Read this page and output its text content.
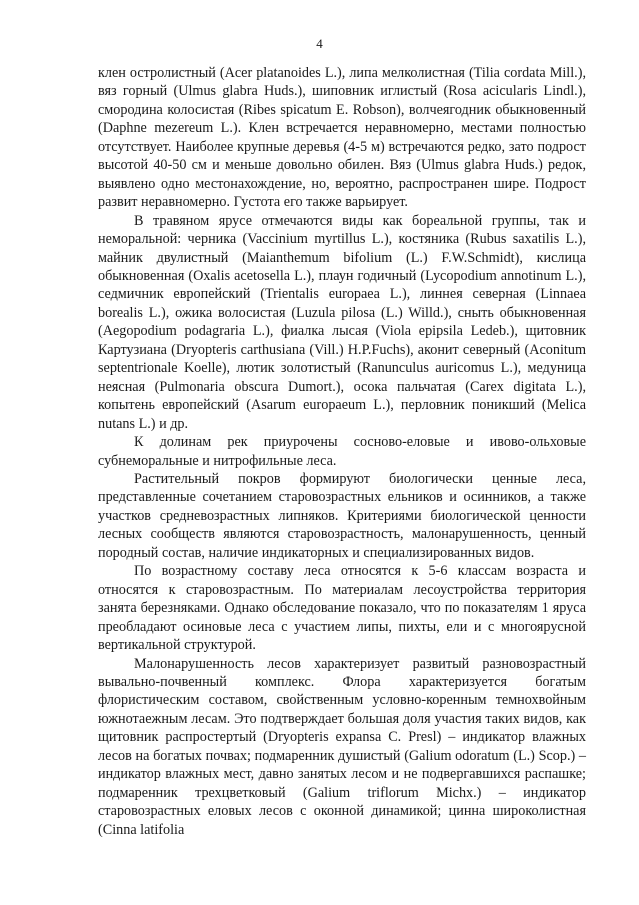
4

клен остролистный (Acer platanoides L.), липа мелколистная (Tilia cordata Mill.), вяз горный (Ulmus glabra Huds.), шиповник иглистый (Rosa acicularis Lindl.), смородина колосистая (Ribes spicatum E. Robson), волчеягодник обыкновенный (Daphne mezereum L.). Клен встречается неравномерно, местами полностью отсутствует. Наиболее крупные деревья (4-5 м) встречаются редко, зато подрост высотой 40-50 см и меньше довольно обилен. Вяз (Ulmus glabra Huds.) редок, выявлено одно местонахождение, но, вероятно, распространен шире. Подрост развит неравномерно. Густота его также варьирует.

В травяном ярусе отмечаются виды как бореальной группы, так и неморальной: черника (Vaccinium myrtillus L.), костяника (Rubus saxatilis L.), майник двулистный (Maianthemum bifolium (L.) F.W.Schmidt), кислица обыкновенная (Oxalis acetosella L.), плаун годичный (Lycopodium annotinum L.), седмичник европейский (Trientalis europaea L.), линнея северная (Linnaea borealis L.), ожика волосистая (Luzula pilosa (L.) Willd.), сныть обыкновенная (Aegopodium podagraria L.), фиалка лысая (Viola epipsila Ledeb.), щитовник Картузиана (Dryopteris carthusiana (Vill.) H.P.Fuchs), аконит северный (Aconitum septentrionale Koelle), лютик золотистый (Ranunculus auricomus L.), медуница неясная (Pulmonaria obscura Dumort.), осока пальчатая (Carex digitata L.), копытень европейский (Asarum europaeum L.), перловник поникший (Melica nutans L.) и др.

К долинам рек приурочены сосново-еловые и ивово-ольховые субнеморальные и нитрофильные леса.

Растительный покров формируют биологически ценные леса, представленные сочетанием старовозрастных ельников и осинников, а также участков средневозрастных липняков. Критериями биологической ценности лесных сообществ являются старовозрастность, малонарушенность, ценный породный состав, наличие индикаторных и специализированных видов.

По возрастному составу леса относятся к 5-6 классам возраста и относятся к старовозрастным. По материалам лесоустройства территория занята березняками. Однако обследование показало, что по показателям 1 яруса преобладают осиновые леса с участием липы, пихты, ели и с многоярусной вертикальной структурой.

Малонарушенность лесов характеризует развитый разновозрастный вывально-почвенный комплекс. Флора характеризуется богатым флористическим составом, свойственным условно-коренным темнохвойным южнотаежным лесам. Это подтверждает большая доля участия таких видов, как щитовник распростертый (Dryopteris expansa C. Presl) – индикатор влажных лесов на богатых почвах; подмаренник душистый (Galium odoratum (L.) Scop.) – индикатор влажных мест, давно занятых лесом и не подвергавшихся распашке; подмаренник трехцветковый (Galium triflorum Michx.) – индикатор старовозрастных еловых лесов с оконной динамикой; цинна широколистная (Cinna latifolia
